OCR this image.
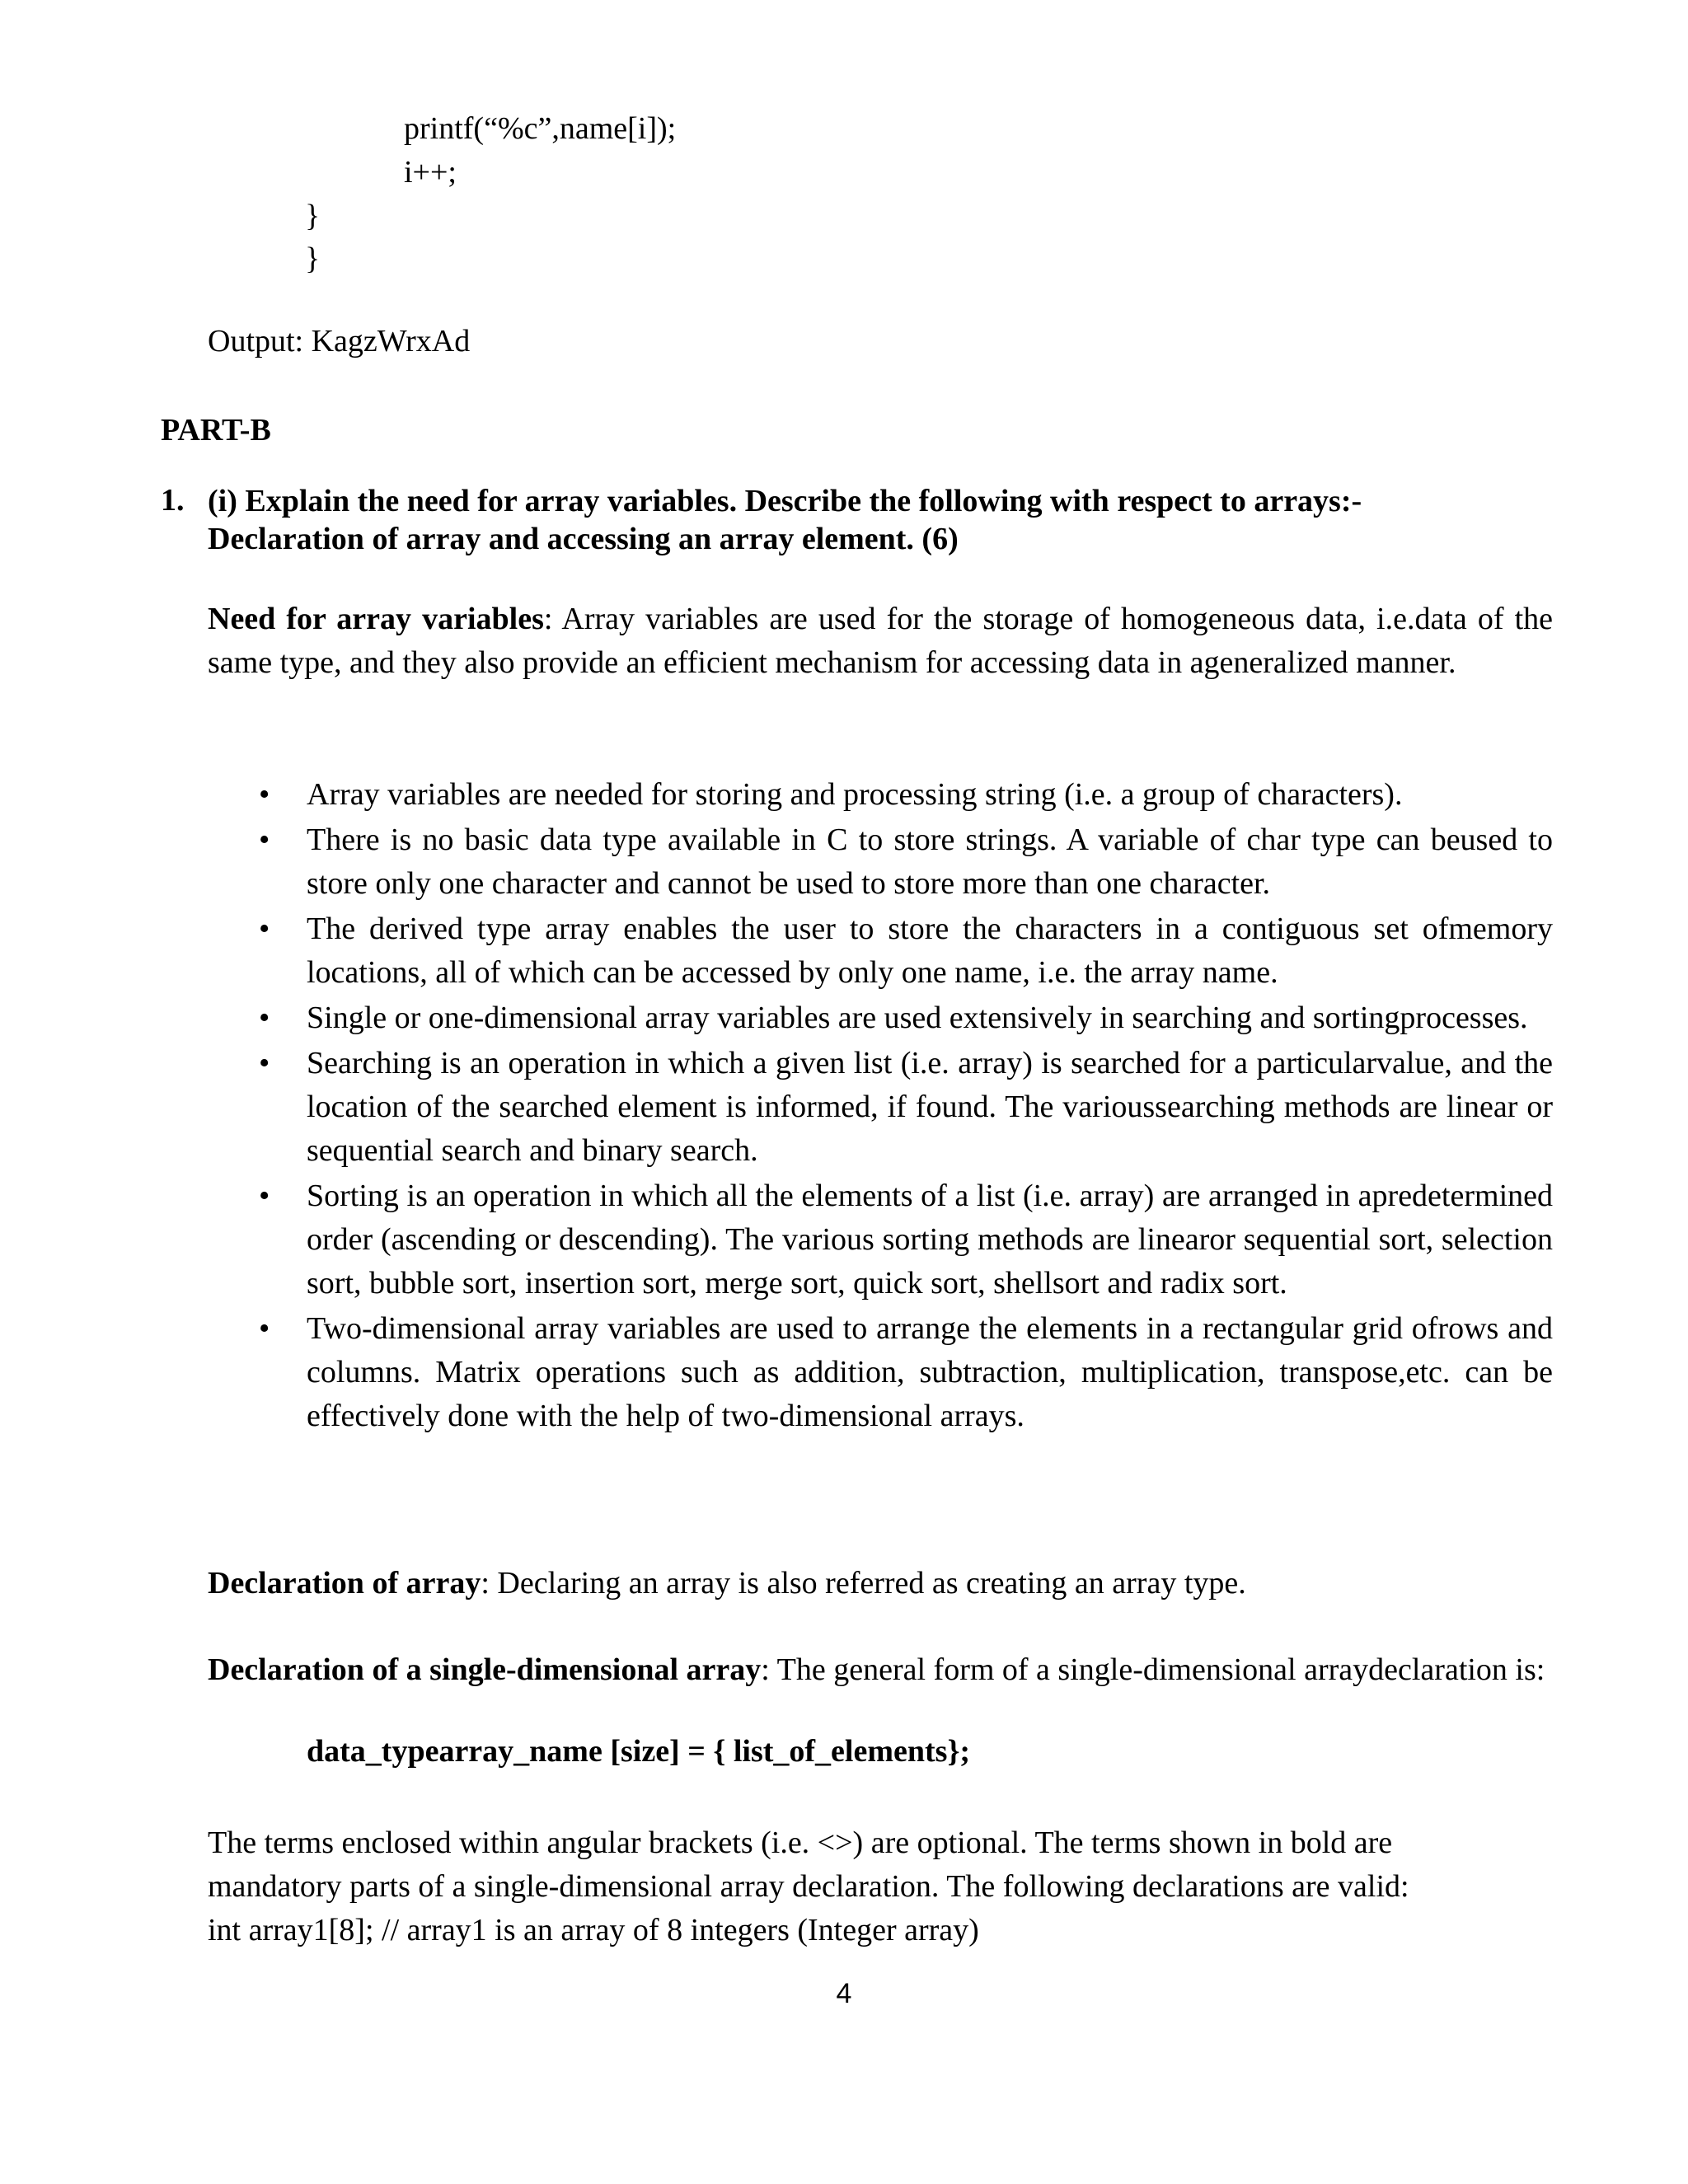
printf(“%c”,name[i]);
i++;
}
}
Output: KagzWrxAd
PART-B
1. (i) Explain the need for array variables. Describe the following with respect to arrays:-
Declaration of array and accessing an array element. (6)
Need for array variables: Array variables are used for the storage of homogeneous data, i.e.data of the same type, and they also provide an efficient mechanism for accessing data in ageneralized manner.
• Array variables are needed for storing and processing string (i.e. a group of characters).
• There is no basic data type available in C to store strings. A variable of char type can beused to store only one character and cannot be used to store more than one character.
• The derived type array enables the user to store the characters in a contiguous set ofmemory locations, all of which can be accessed by only one name, i.e. the array name.
• Single or one-dimensional array variables are used extensively in searching and sortingprocesses.
• Searching is an operation in which a given list (i.e. array) is searched for a particularvalue, and the location of the searched element is informed, if found. The varioussearching methods are linear or sequential search and binary search.
• Sorting is an operation in which all the elements of a list (i.e. array) are arranged in apredetermined order (ascending or descending). The various sorting methods are linearor sequential sort, selection sort, bubble sort, insertion sort, merge sort, quick sort, shellsort and radix sort.
• Two-dimensional array variables are used to arrange the elements in a rectangular grid ofrows and columns. Matrix operations such as addition, subtraction, multiplication, transpose,etc. can be effectively done with the help of two-dimensional arrays.
Declaration of array: Declaring an array is also referred as creating an array type.
Declaration of a single-dimensional array: The general form of a single-dimensional arraydeclaration is:
data_typearray_name [size] = { list_of_elements};
The terms enclosed within angular brackets (i.e. <>) are optional. The terms shown in bold are
mandatory parts of a single-dimensional array declaration. The following declarations are valid:
int array1[8]; // array1 is an array of 8 integers (Integer array)
4
